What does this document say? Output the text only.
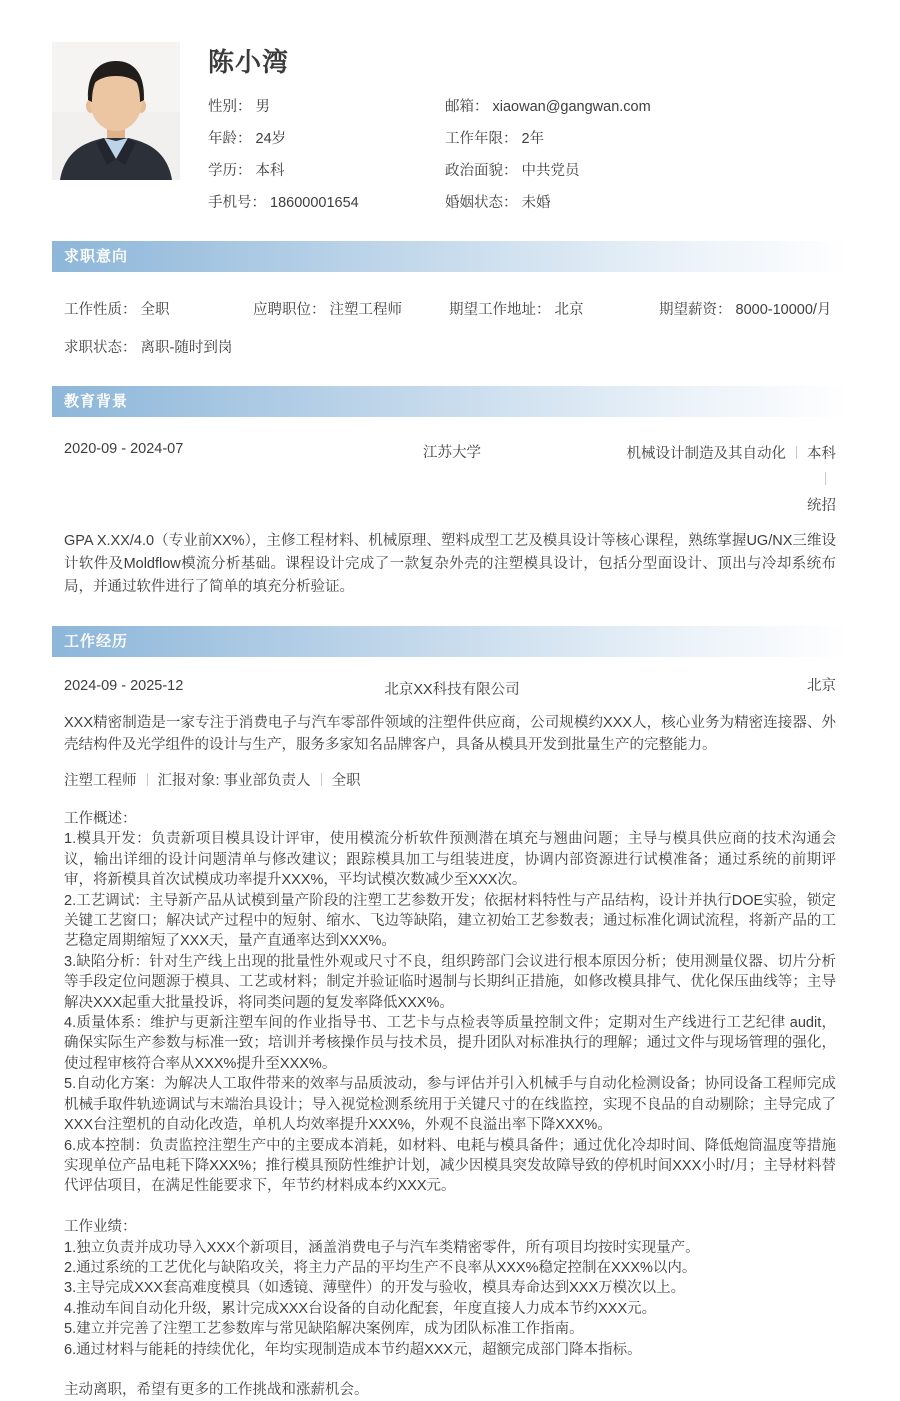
陈小湾
性别： 男	邮箱： xiaowan@gangwan.com
年龄： 24岁	工作年限： 2年
学历： 本科	政治面貌： 中共党员
手机号： 18600001654	婚姻状态： 未婚
求职意向
工作性质： 全职	应聘职位： 注塑工程师	期望工作地址： 北京	期望薪资： 8000-10000/月
求职状态： 离职-随时到岗
教育背景
2020-09 - 2024-07	江苏大学	机械设计制造及其自动化 本科
统招
GPA X.XX/4.0（专业前XX%），主修工程材料、机械原理、塑料成型工艺及模具设计等核心课程，熟练掌握UG/NX三维设计软件及Moldflow模流分析基础。课程设计完成了一款复杂外壳的注塑模具设计，包括分型面设计、顶出与冷却系统布局，并通过软件进行了简单的填充分析验证。
工作经历
2024-09 - 2025-12	北京XX科技有限公司	北京
XXX精密制造是一家专注于消费电子与汽车零部件领域的注塑件供应商，公司规模约XXX人，核心业务为精密连接器、外壳结构件及光学组件的设计与生产，服务多家知名品牌客户，具备从模具开发到批量生产的完整能力。
注塑工程师 汇报对象: 事业部负责人 全职
工作概述：
1.模具开发：负责新项目模具设计评审，使用模流分析软件预测潜在填充与翘曲问题；主导与模具供应商的技术沟通会议，输出详细的设计问题清单与修改建议；跟踪模具加工与组装进度，协调内部资源进行试模准备；通过系统的前期评审，将新模具首次试模成功率提升XXX%，平均试模次数减少至XXX次。
2.工艺调试：主导新产品从试模到量产阶段的注塑工艺参数开发；依据材料特性与产品结构，设计并执行DOE实验，锁定关键工艺窗口；解决试产过程中的短射、缩水、飞边等缺陷，建立初始工艺参数表；通过标准化调试流程，将新产品的工艺稳定周期缩短了XXX天，量产直通率达到XXX%。
3.缺陷分析：针对生产线上出现的批量性外观或尺寸不良，组织跨部门会议进行根本原因分析；使用测量仪器、切片分析等手段定位问题源于模具、工艺或材料；制定并验证临时遏制与长期纠正措施，如修改模具排气、优化保压曲线等；主导解决XXX起重大批量投诉，将同类问题的复发率降低XXX%。
4.质量体系：维护与更新注塑车间的作业指导书、工艺卡与点检表等质量控制文件；定期对生产线进行工艺纪律 audit，确保实际生产参数与标准一致；培训并考核操作员与技术员，提升团队对标准执行的理解；通过文件与现场管理的强化，使过程审核符合率从XXX%提升至XXX%。
5.自动化方案：为解决人工取件带来的效率与品质波动，参与评估并引入机械手与自动化检测设备；协同设备工程师完成机械手取件轨迹调试与末端治具设计；导入视觉检测系统用于关键尺寸的在线监控，实现不良品的自动剔除；主导完成了XXX台注塑机的自动化改造，单机人均效率提升XXX%，外观不良溢出率下降XXX%。
6.成本控制：负责监控注塑生产中的主要成本消耗，如材料、电耗与模具备件；通过优化冷却时间、降低炮筒温度等措施实现单位产品电耗下降XXX%；推行模具预防性维护计划，减少因模具突发故障导致的停机时间XXX小时/月；主导材料替代评估项目，在满足性能要求下，年节约材料成本约XXX元。
工作业绩：
1.独立负责并成功导入XXX个新项目，涵盖消费电子与汽车类精密零件，所有项目均按时实现量产。
2.通过系统的工艺优化与缺陷攻关，将主力产品的平均生产不良率从XXX%稳定控制在XXX%以内。
3.主导完成XXX套高难度模具（如透镜、薄壁件）的开发与验收，模具寿命达到XXX万模次以上。
4.推动车间自动化升级，累计完成XXX台设备的自动化配套，年度直接人力成本节约XXX元。
5.建立并完善了注塑工艺参数库与常见缺陷解决案例库，成为团队标准工作指南。
6.通过材料与能耗的持续优化，年均实现制造成本节约超XXX元，超额完成部门降本指标。
主动离职，希望有更多的工作挑战和涨薪机会。
